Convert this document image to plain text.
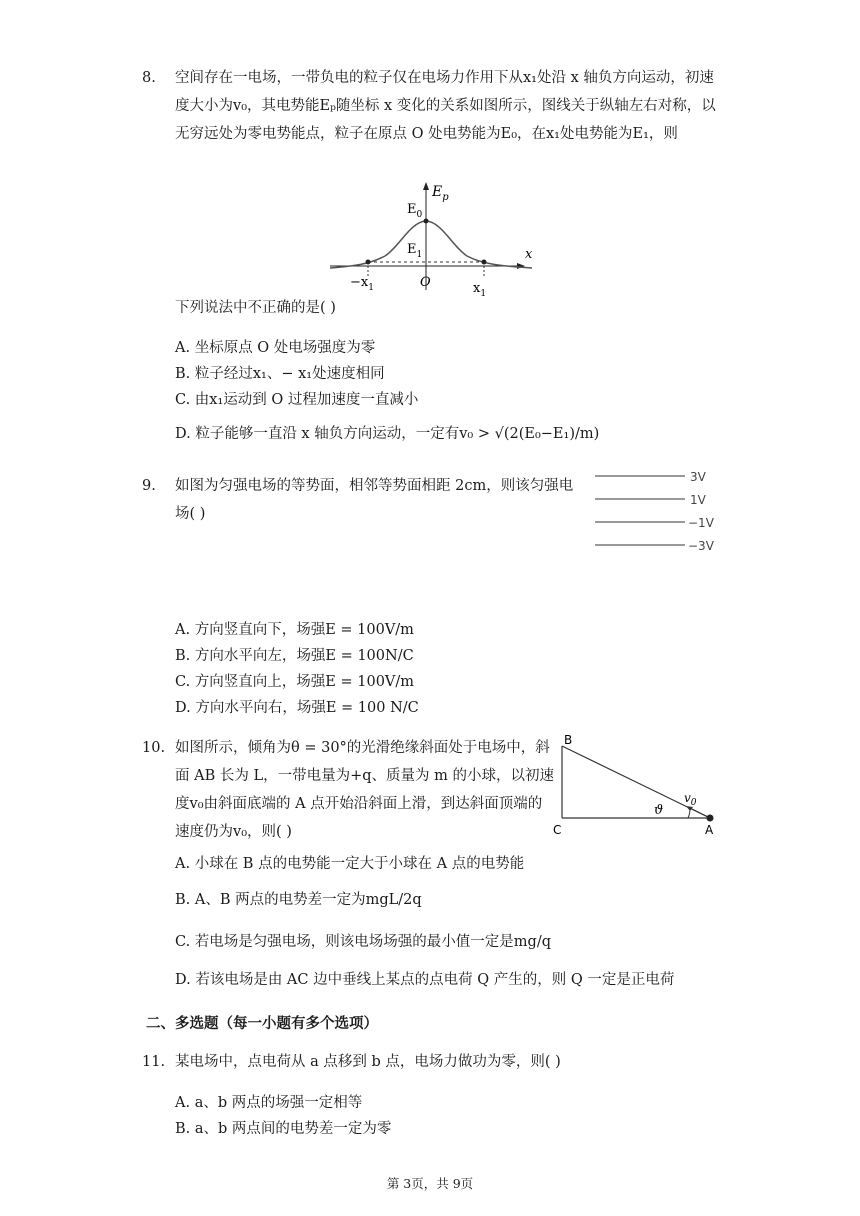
8.	空间存在一电场，一带负电的粒子仅在电场力作用下从x₁处沿 x 轴负方向运动，初速度大小为v₀，其电势能Eₚ随坐标 x 变化的关系如图所示，图线关于纵轴左右对称，以无穷远处为零电势能点，粒子在原点 O 处电势能为E₀，在x₁处电势能为E₁，则
$E_p$
$E_0$
$E_1$	x
O
$-x_1$	$x_1$
下列说法中不正确的是( )
A. 坐标原点 O 处电场强度为零
B. 粒子经过x₁、− x₁处速度相同
C. 由x₁运动到 O 过程加速度一直减小
D. 粒子能够一直沿 x 轴负方向运动，一定有v₀ > √(2(E₀−E₁)/m)
9.	如图为匀强电场的等势面，相邻等势面相距 2cm，则该匀强电场( )
3V
1V
−1V
−3V
A. 方向竖直向下，场强E = 100V/m
B. 方向水平向左，场强E = 100N/C
C. 方向竖直向上，场强E = 100V/m
D. 方向水平向右，场强E = 100 N/C
10. 如图所示，倾角为θ = 30°的光滑绝缘斜面处于电场中，斜面 AB 长为 L，一带电量为+q、质量为 m 的小球，以初速度v₀由斜面底端的 A 点开始沿斜面上滑，到达斜面顶端的速度仍为v₀，则( )
B
C	A
ϑ
$v_0$
A. 小球在 B 点的电势能一定大于小球在 A 点的电势能
B. A、B 两点的电势差一定为mgL/2q
C. 若电场是匀强电场，则该电场场强的最小值一定是mg/q
D. 若该电场是由 AC 边中垂线上某点的点电荷 Q 产生的，则 Q 一定是正电荷
二、多选题（每一小题有多个选项）
11. 某电场中，点电荷从 a 点移到 b 点，电场力做功为零，则( )
A. a、b 两点的场强一定相等
B. a、b 两点间的电势差一定为零
第 3页，共 9页
